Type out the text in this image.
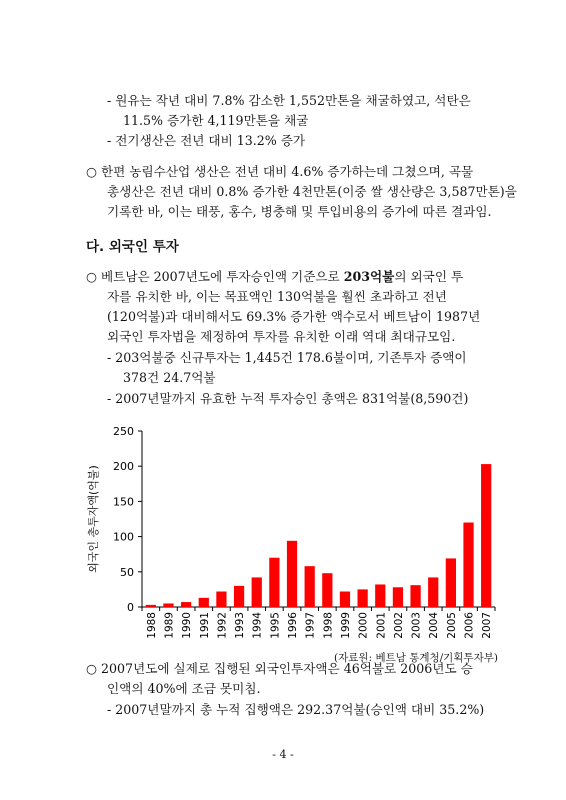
- 원유는 작년 대비 7.8% 감소한 1,552만톤을 채굴하였고, 석탄은
11.5% 증가한 4,119만톤을 채굴
- 전기생산은 전년 대비 13.2% 증가
○ 한편 농림수산업 생산은 전년 대비 4.6% 증가하는데 그쳤으며, 곡물
총생산은 전년 대비 0.8% 증가한 4천만톤(이중 쌀 생산량은 3,587만톤)을
기록한 바, 이는 태풍, 홍수, 병충해 및 투입비용의 증가에 따른 결과임.
다. 외국인 투자
○ 베트남은 2007년도에 투자승인액 기준으로 203억불의 외국인 투
자를 유치한 바, 이는 목표액인 130억불을 훨씬 초과하고 전년
(120억불)과 대비해서도 69.3% 증가한 액수로서 베트남이 1987년
외국인 투자법을 제정하여 투자를 유치한 이래 역대 최대규모임.
- 203억불중 신규투자는 1,445건 178.6불이며, 기존투자 증액이
378건 24.7억불
- 2007년말까지 유효한 누적 투자승인 총액은 831억불(8,590건)
0
50
100
150
200
250
외국인 총투자액(억불)
1988 1989 1990 1991 1992 1993 1994 1995 1996 1997 1998 1999 2000 2001 2002 2003 2004 2005 2006 2007
(자료원: 베트남 통계청/기획투자부)
○ 2007년도에 실제로 집행된 외국인투자액은 46억불로 2006년도 승
인액의 40%에 조금 못미침.
- 2007년말까지 총 누적 집행액은 292.37억불(승인액 대비 35.2%)
- 4 -
